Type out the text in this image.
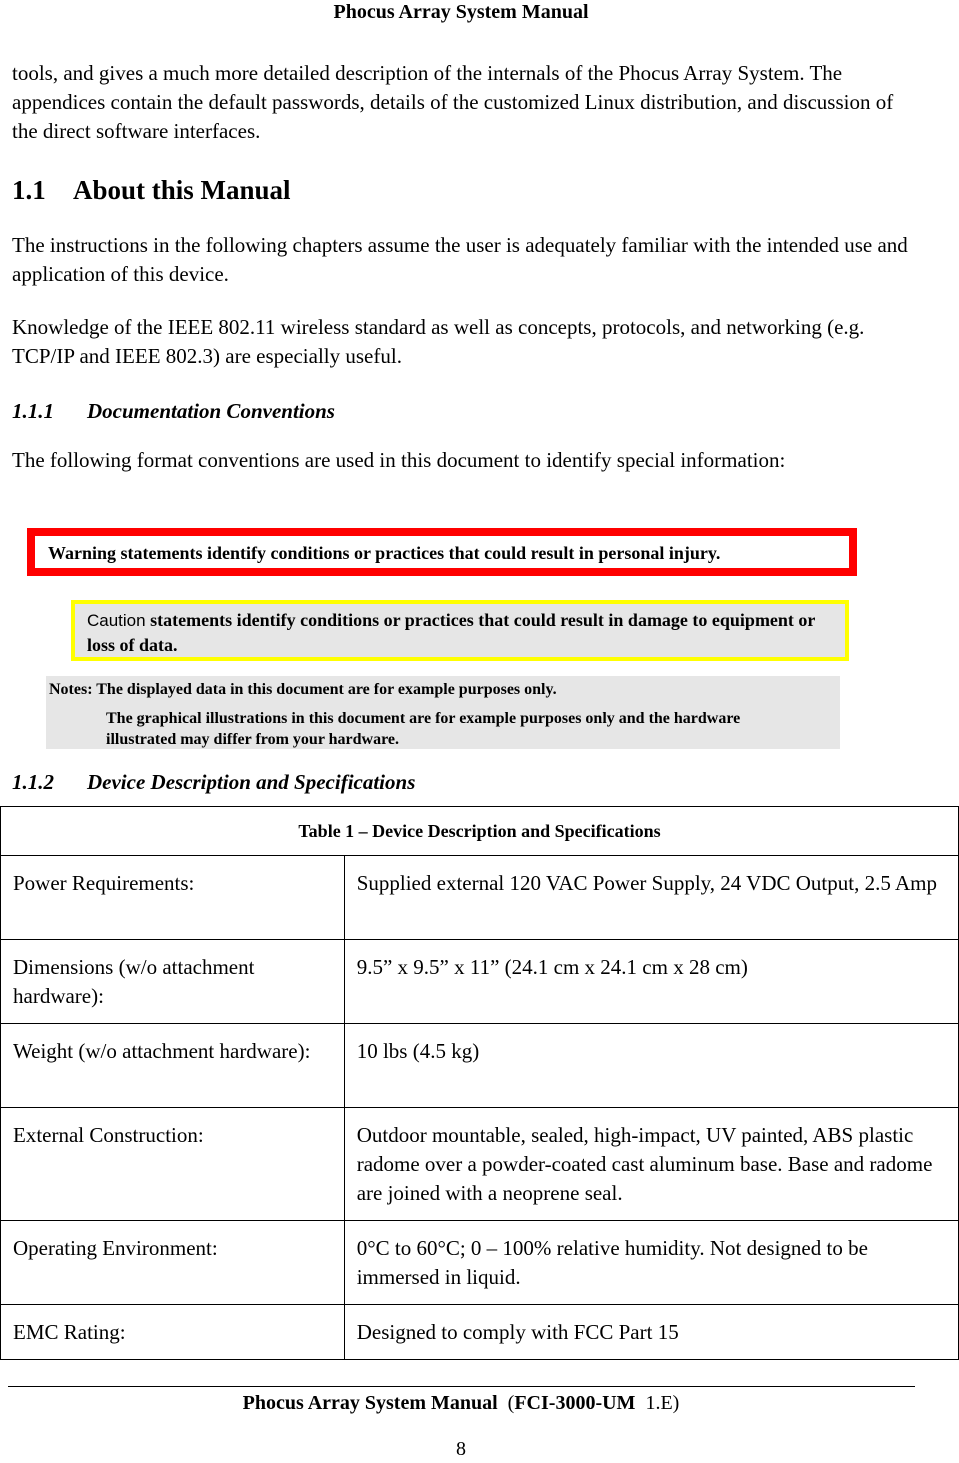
Phocus Array System Manual

tools, and gives a much more detailed description of the internals of the Phocus Array System. The appendices contain the default passwords, details of the customized Linux distribution, and discussion of the direct software interfaces.

1.1 About this Manual

The instructions in the following chapters assume the user is adequately familiar with the intended use and application of this device.

Knowledge of the IEEE 802.11 wireless standard as well as concepts, protocols, and networking (e.g. TCP/IP and IEEE 802.3) are especially useful.

1.1.1 Documentation Conventions

The following format conventions are used in this document to identify special information:

Warning statements identify conditions or practices that could result in personal injury.
Caution statements identify conditions or practices that could result in damage to equipment or loss of data.
Notes: The displayed data in this document are for example purposes only.
The graphical illustrations in this document are for example purposes only and the hardware illustrated may differ from your hardware.
1.1.2 Device Description and Specifications
Table 1 – Device Description and Specifications	
Power Requirements:	Supplied external 120 VAC Power Supply, 24 VDC Output, 2.5 Amp
Dimensions (w/o attachment hardware):	9.5” x 9.5” x 11” (24.1 cm x 24.1 cm x 28 cm)
Weight (w/o attachment hardware):	10 lbs (4.5 kg)
External Construction:	Outdoor mountable, sealed, high-impact, UV painted, ABS plastic radome over a powder-coated cast aluminum base. Base and radome are joined with a neoprene seal.
Operating Environment:	0°C to 60°C; 0 – 100% relative humidity. Not designed to be immersed in liquid.
EMC Rating:	Designed to comply with FCC Part 15
Phocus Array System Manual  (FCI-3000-UM 1.E)
8
